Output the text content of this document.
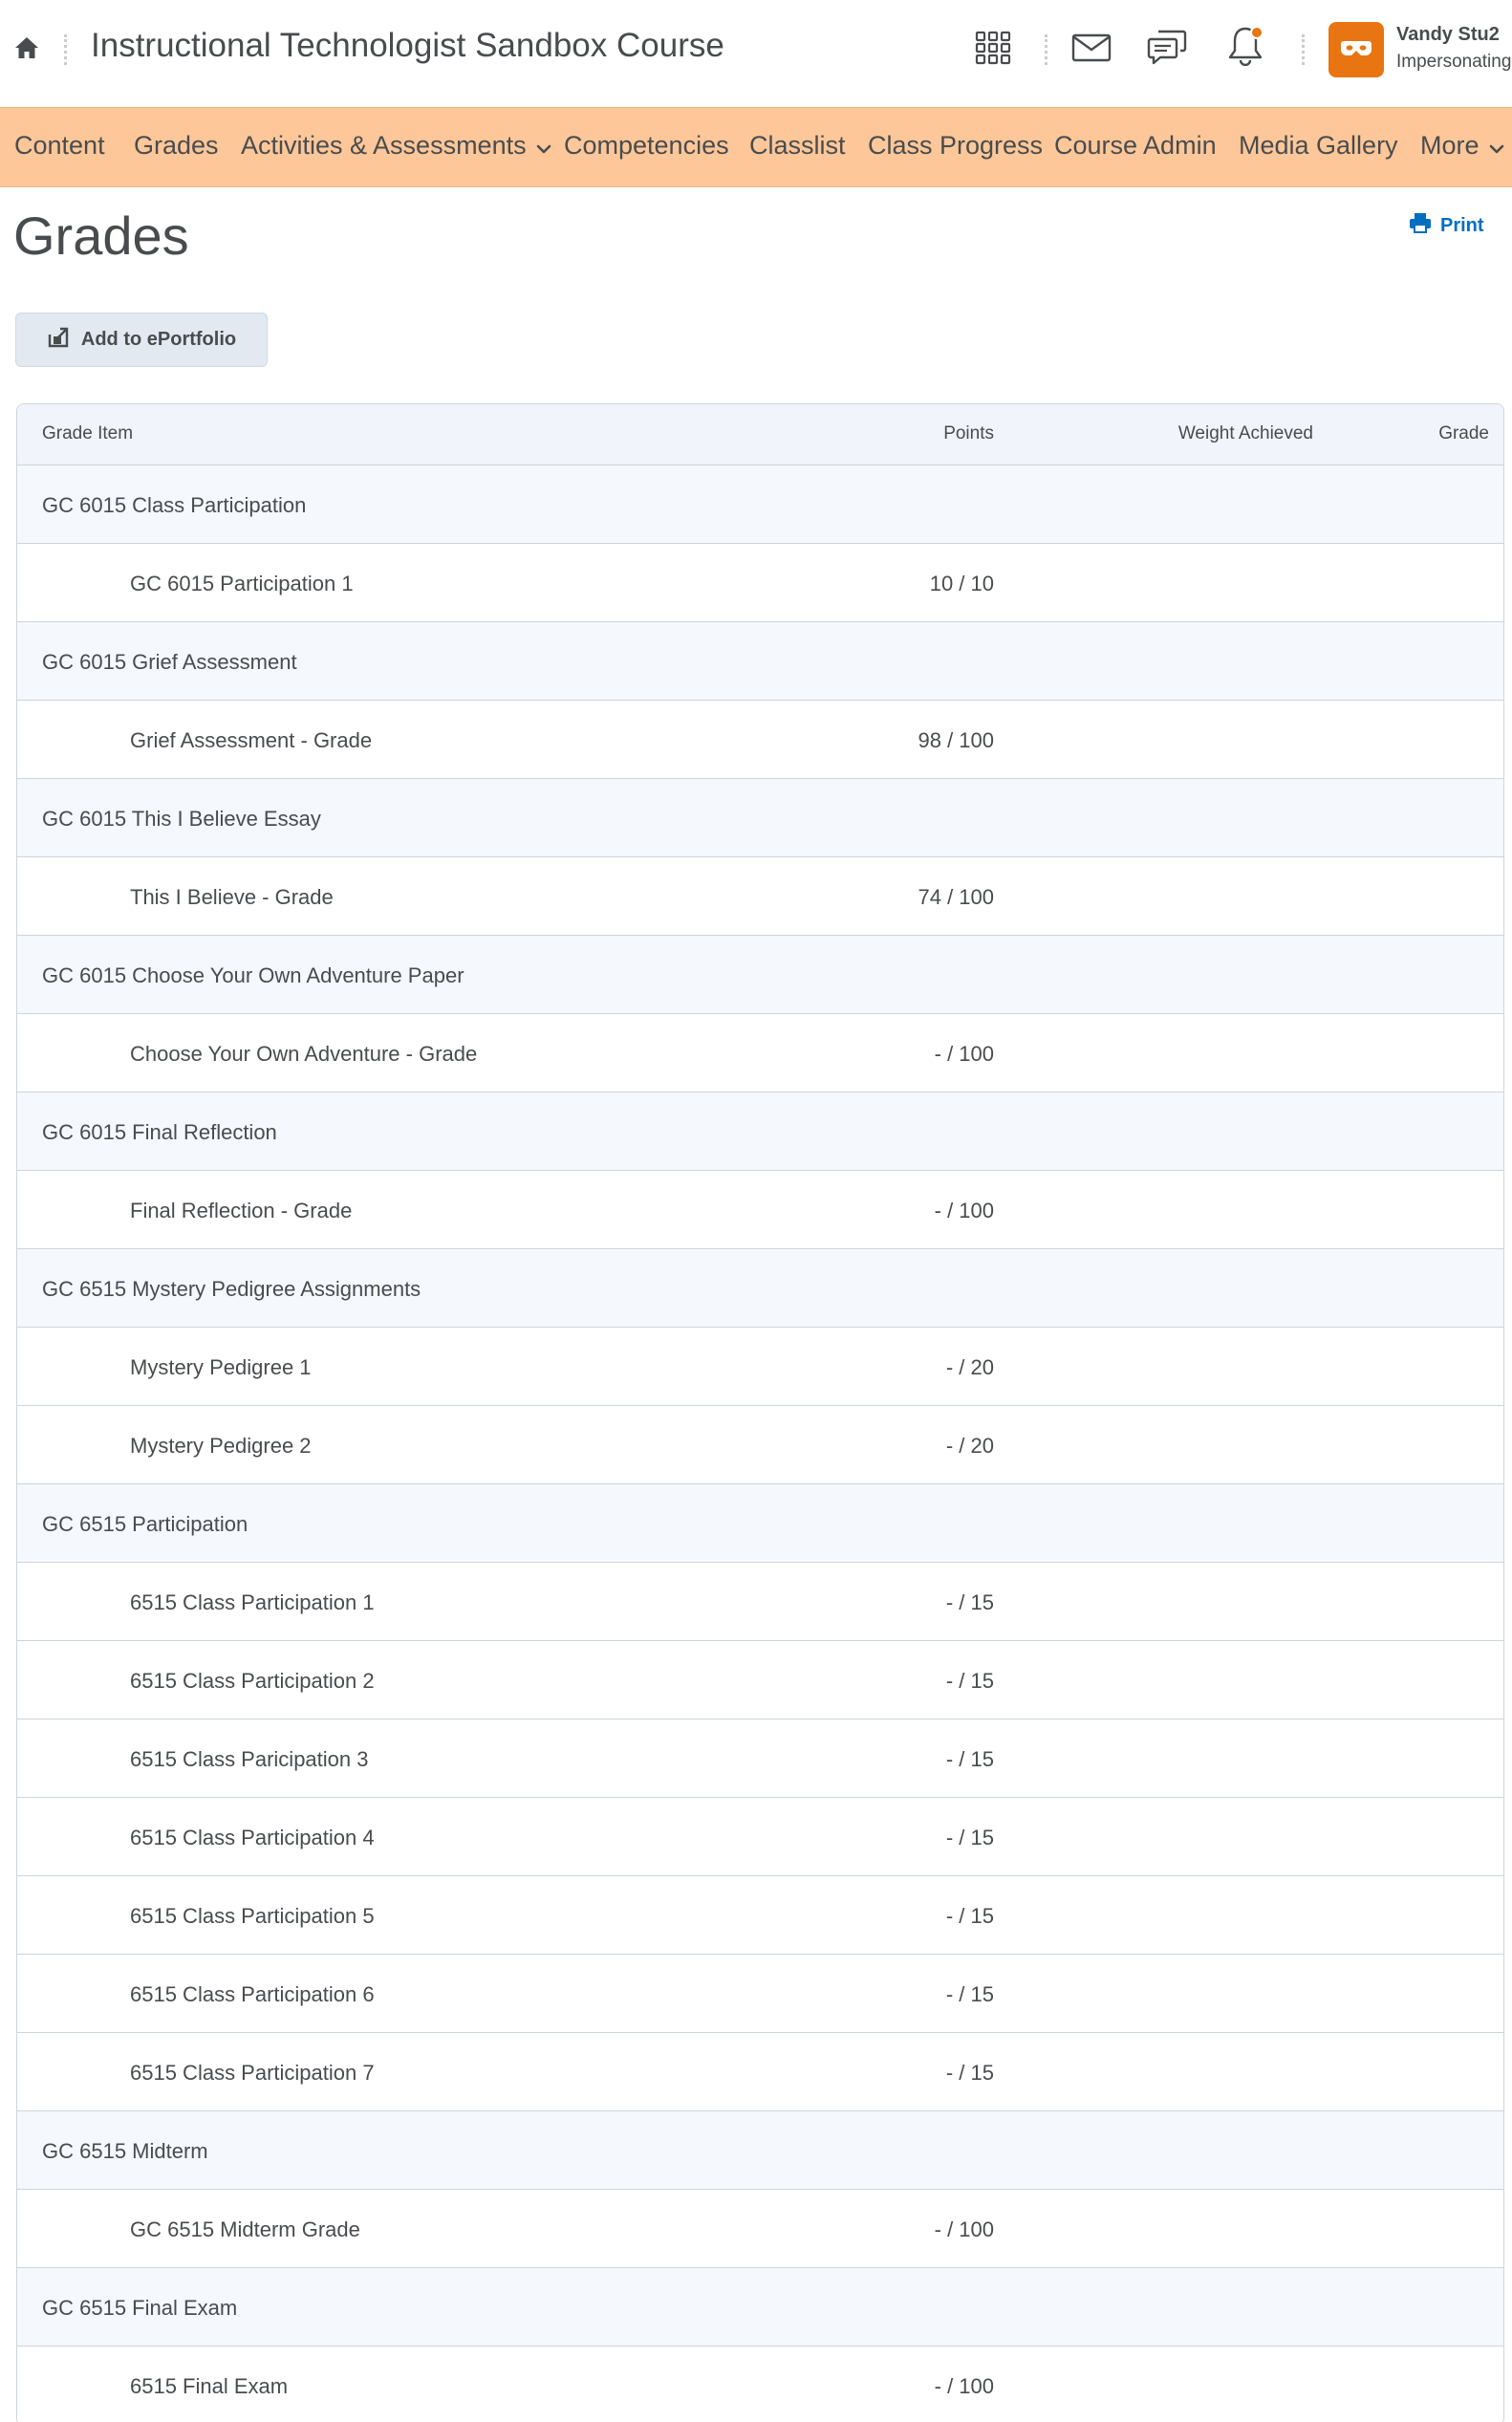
Instructional Technologist Sandbox Course	Vandy Stu2
Impersonating
Content Grades Activities & Assessments Competencies Classlist Class Progress Course Admin Media Gallery More
Grades	Print
Add to ePortfolio
Grade Item	Points	Weight Achieved	Grade
GC 6015 Class Participation
GC 6015 Participation 1	10 / 10
GC 6015 Grief Assessment
Grief Assessment - Grade	98 / 100
GC 6015 This I Believe Essay
This I Believe - Grade	74 / 100
GC 6015 Choose Your Own Adventure Paper
Choose Your Own Adventure - Grade	- / 100
GC 6015 Final Reflection
Final Reflection - Grade	- / 100
GC 6515 Mystery Pedigree Assignments
Mystery Pedigree 1	- / 20
Mystery Pedigree 2	- / 20
GC 6515 Participation
6515 Class Participation 1	- / 15
6515 Class Participation 2	- / 15
6515 Class Paricipation 3	- / 15
6515 Class Participation 4	- / 15
6515 Class Participation 5	- / 15
6515 Class Participation 6	- / 15
6515 Class Participation 7	- / 15
GC 6515 Midterm
GC 6515 Midterm Grade	- / 100
GC 6515 Final Exam
6515 Final Exam	- / 100
